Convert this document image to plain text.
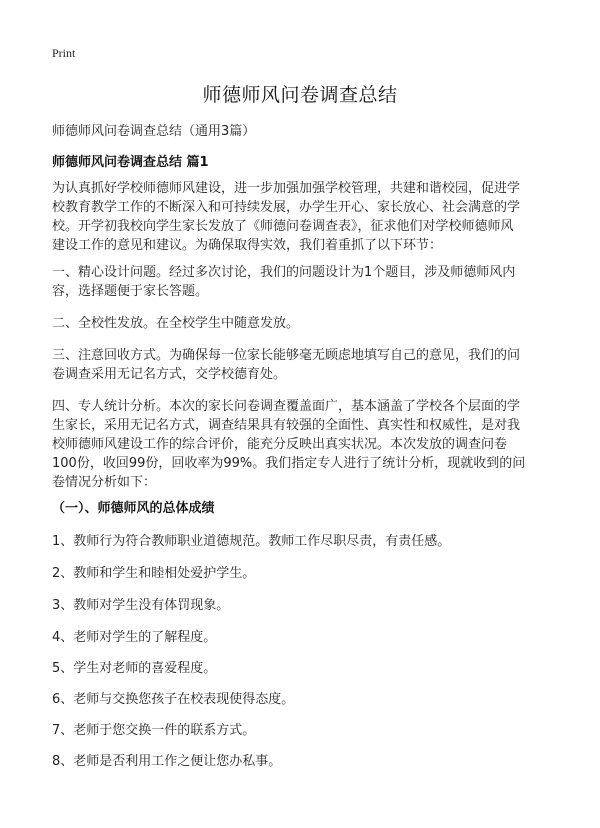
Print
师德师风问卷调查总结
师德师风问卷调查总结（通用3篇）
师德师风问卷调查总结 篇1
为认真抓好学校师德师风建设，进一步加强加强学校管理，共建和谐校园，促进学
校教育教学工作的不断深入和可持续发展，办学生开心、家长放心、社会满意的学
校。开学初我校向学生家长发放了《师德问卷调查表》，征求他们对学校师德师风
建设工作的意见和建议。为确保取得实效，我们着重抓了以下环节：
一、精心设计问题。经过多次讨论，我们的问题设计为1个题目，涉及师德师风内
容，选择题便于家长答题。
二、全校性发放。在全校学生中随意发放。
三、注意回收方式。为确保每一位家长能够毫无顾虑地填写自己的意见，我们的问
卷调查采用无记名方式，交学校德育处。
四、专人统计分析。本次的家长问卷调查覆盖面广，基本涵盖了学校各个层面的学
生家长，采用无记名方式，调查结果具有较强的全面性、真实性和权威性，是对我
校师德师风建设工作的综合评价，能充分反映出真实状况。本次发放的调查问卷
100份，收回99份，回收率为99%。我们指定专人进行了统计分析，现就收到的问
卷情况分析如下：
（一）、师德师风的总体成绩
1、教师行为符合教师职业道德规范。教师工作尽职尽责，有责任感。
2、教师和学生和睦相处爱护学生。
3、教师对学生没有体罚现象。
4、老师对学生的了解程度。
5、学生对老师的喜爱程度。
6、老师与交换您孩子在校表现使得态度。
7、老师于您交换一件的联系方式。
8、老师是否利用工作之便让您办私事。
